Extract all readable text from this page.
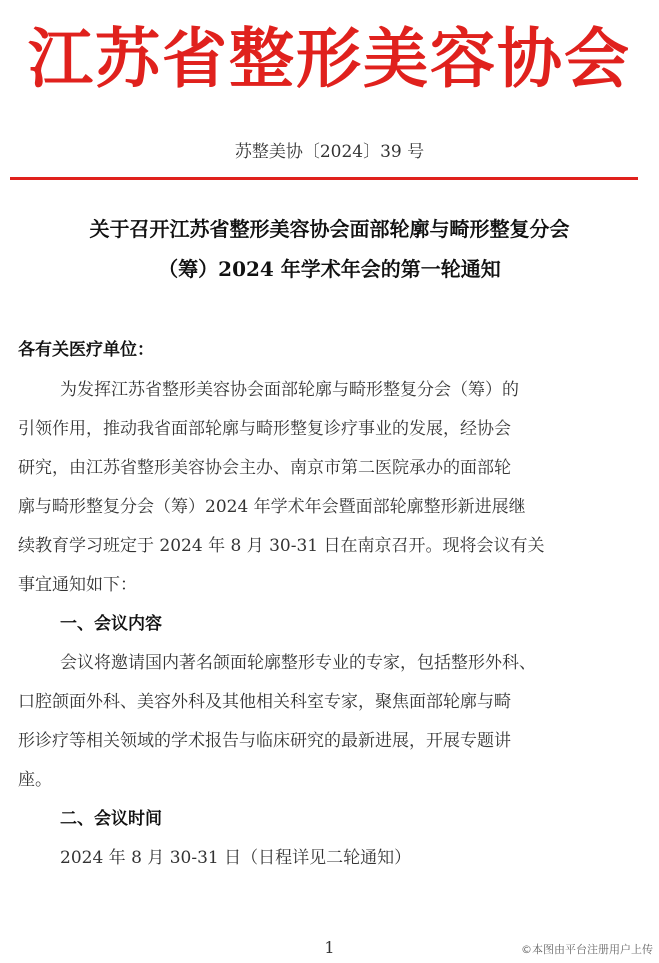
江苏省整形美容协会
苏整美协〔2024〕39 号
关于召开江苏省整形美容协会面部轮廓与畸形整复分会
（筹）2024 年学术年会的第一轮通知
各有关医疗单位：
为发挥江苏省整形美容协会面部轮廓与畸形整复分会（筹）的
引领作用，推动我省面部轮廓与畸形整复诊疗事业的发展，经协会
研究，由江苏省整形美容协会主办、南京市第二医院承办的面部轮
廓与畸形整复分会（筹）2024 年学术年会暨面部轮廓整形新进展继
续教育学习班定于 2024 年 8 月 30-31 日在南京召开。现将会议有关
事宜通知如下：
一、会议内容
会议将邀请国内著名颌面轮廓整形专业的专家，包括整形外科、
口腔颌面外科、美容外科及其他相关科室专家，聚焦面部轮廓与畸
形诊疗等相关领域的学术报告与临床研究的最新进展，开展专题讲
座。
二、会议时间
2024 年 8 月 30-31 日（日程详见二轮通知）
1	©本图由平台注册用户上传
